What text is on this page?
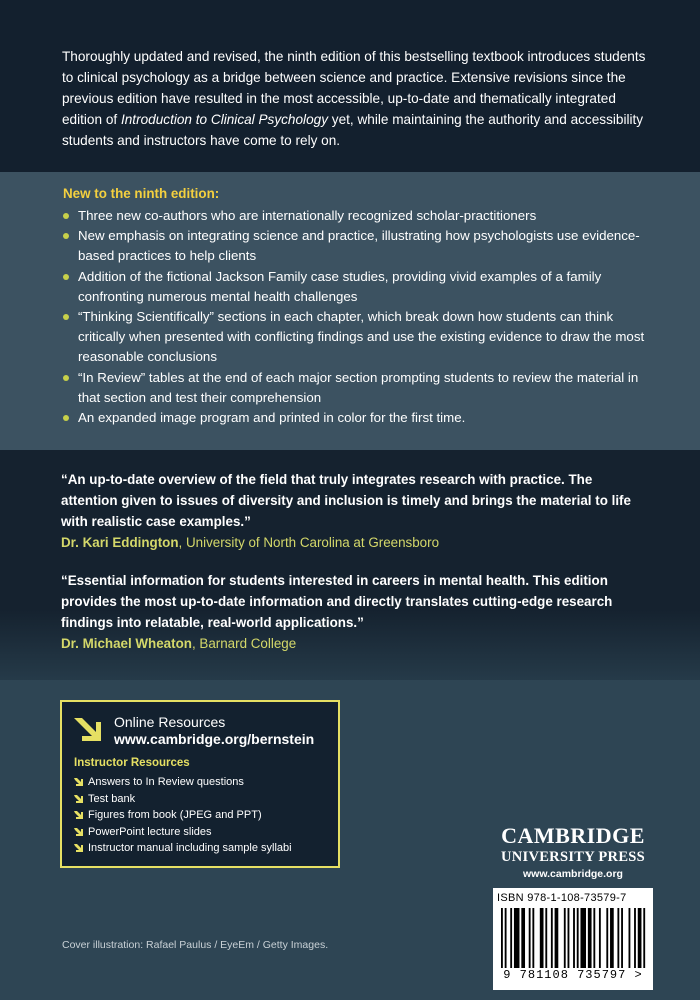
Thoroughly updated and revised, the ninth edition of this bestselling textbook introduces students to clinical psychology as a bridge between science and practice. Extensive revisions since the previous edition have resulted in the most accessible, up-to-date and thematically integrated edition of Introduction to Clinical Psychology yet, while maintaining the authority and accessibility students and instructors have come to rely on.
New to the ninth edition:
Three new co-authors who are internationally recognized scholar-practitioners
New emphasis on integrating science and practice, illustrating how psychologists use evidence-based practices to help clients
Addition of the fictional Jackson Family case studies, providing vivid examples of a family confronting numerous mental health challenges
“Thinking Scientifically” sections in each chapter, which break down how students can think critically when presented with conflicting findings and use the existing evidence to draw the most reasonable conclusions
“In Review” tables at the end of each major section prompting students to review the material in that section and test their comprehension
An expanded image program and printed in color for the first time.
“An up-to-date overview of the field that truly integrates research with practice. The attention given to issues of diversity and inclusion is timely and brings the material to life with realistic case examples.”
Dr. Kari Eddington, University of North Carolina at Greensboro
“Essential information for students interested in careers in mental health. This edition provides the most up-to-date information and directly translates cutting-edge research findings into relatable, real-world applications.”
Dr. Michael Wheaton, Barnard College
Online Resources
www.cambridge.org/bernstein
Instructor Resources
Answers to In Review questions
Test bank
Figures from book (JPEG and PPT)
PowerPoint lecture slides
Instructor manual including sample syllabi	CAMBRIDGE
UNIVERSITY PRESS
www.cambridge.org
ISBN 978-1-108-73579-7
9 781108 735797 >
Cover illustration: Rafael Paulus / EyeEm / Getty Images.
